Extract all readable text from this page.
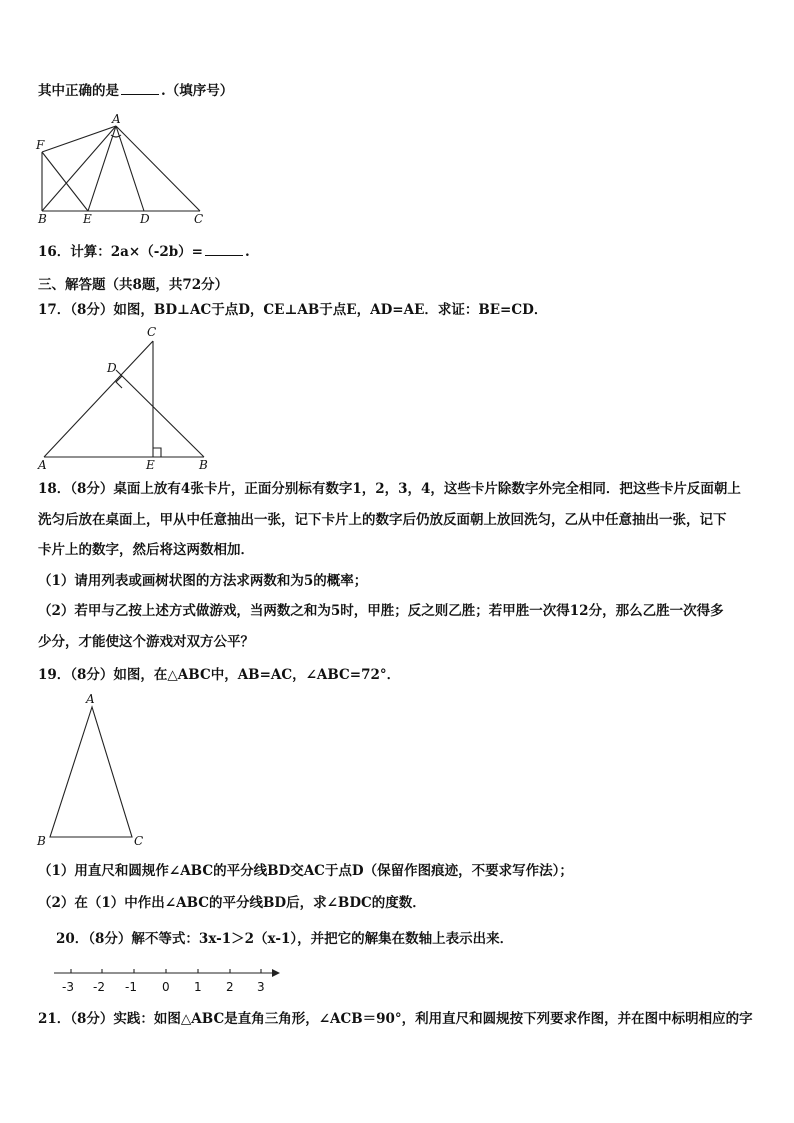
其中正确的是	.（填序号）
A
F
B	E	D	C
16．计算：2a×（-2b）=	.
三、解答题（共8题，共72分）
17．（8分）如图，BD⊥AC于点D，CE⊥AB于点E，AD=AE．求证：BE=CD．
C
D
A	E	B
18．（8分）桌面上放有4张卡片，正面分别标有数字1，2，3，4，这些卡片除数字外完全相同．把这些卡片反面朝上
洗匀后放在桌面上，甲从中任意抽出一张，记下卡片上的数字后仍放反面朝上放回洗匀，乙从中任意抽出一张，记下
卡片上的数字，然后将这两数相加．
（1）请用列表或画树状图的方法求两数和为5的概率；
（2）若甲与乙按上述方式做游戏，当两数之和为5时，甲胜；反之则乙胜；若甲胜一次得12分，那么乙胜一次得多
少分，才能使这个游戏对双方公平？
19．（8分）如图，在△ABC中，AB=AC，∠ABC=72°．
A
B	C
（1）用直尺和圆规作∠ABC的平分线BD交AC于点D（保留作图痕迹，不要求写作法）；
（2）在（1）中作出∠ABC的平分线BD后，求∠BDC的度数．
20．（8分）解不等式：3x-1＞2（x-1），并把它的解集在数轴上表示出来．
-3 -2 -1 0 1 2 3
21．（8分）实践：如图△ABC是直角三角形，∠ACB＝90°，利用直尺和圆规按下列要求作图，并在图中标明相应的字
